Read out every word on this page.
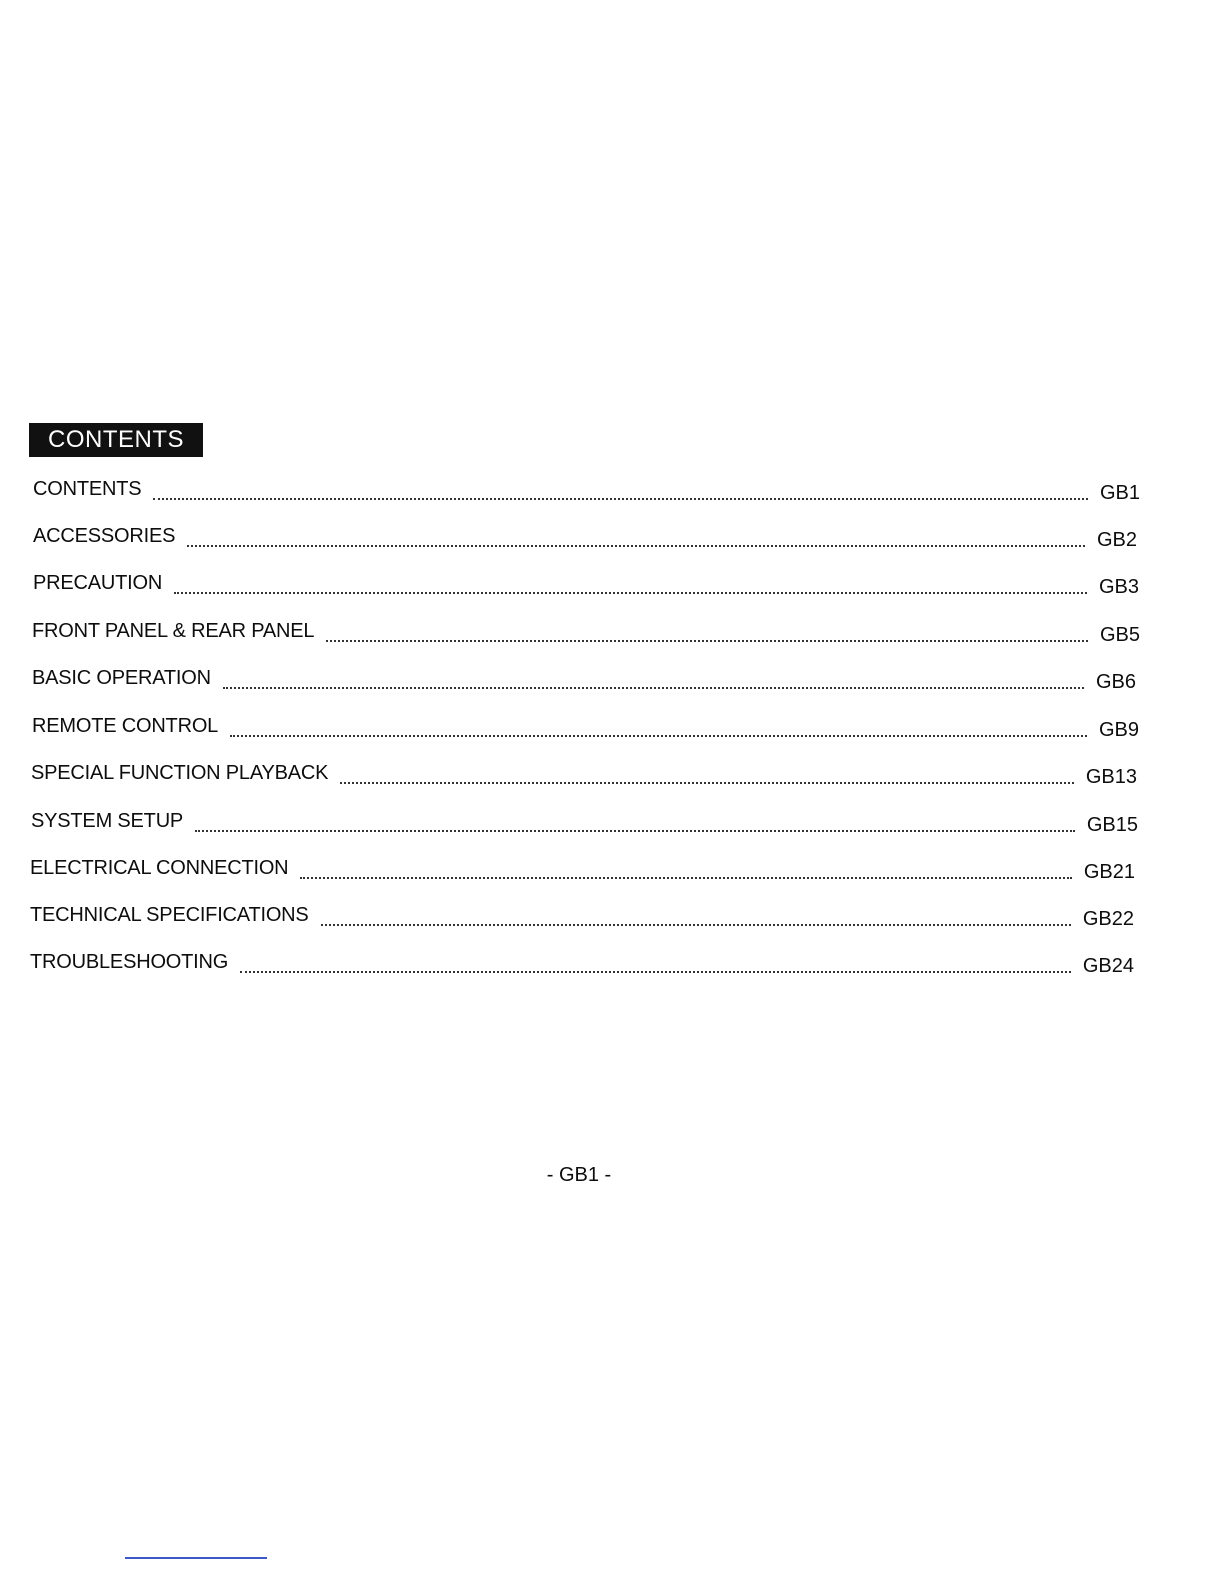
CONTENTS
CONTENTS	GB1
ACCESSORIES	GB2
PRECAUTION	GB3
FRONT PANEL & REAR PANEL	GB5
BASIC OPERATION	GB6
REMOTE CONTROL	GB9
SPECIAL FUNCTION PLAYBACK	GB13
SYSTEM SETUP	GB15
ELECTRICAL CONNECTION	GB21
TECHNICAL SPECIFICATIONS	GB22
TROUBLESHOOTING	GB24
- GB1 -
